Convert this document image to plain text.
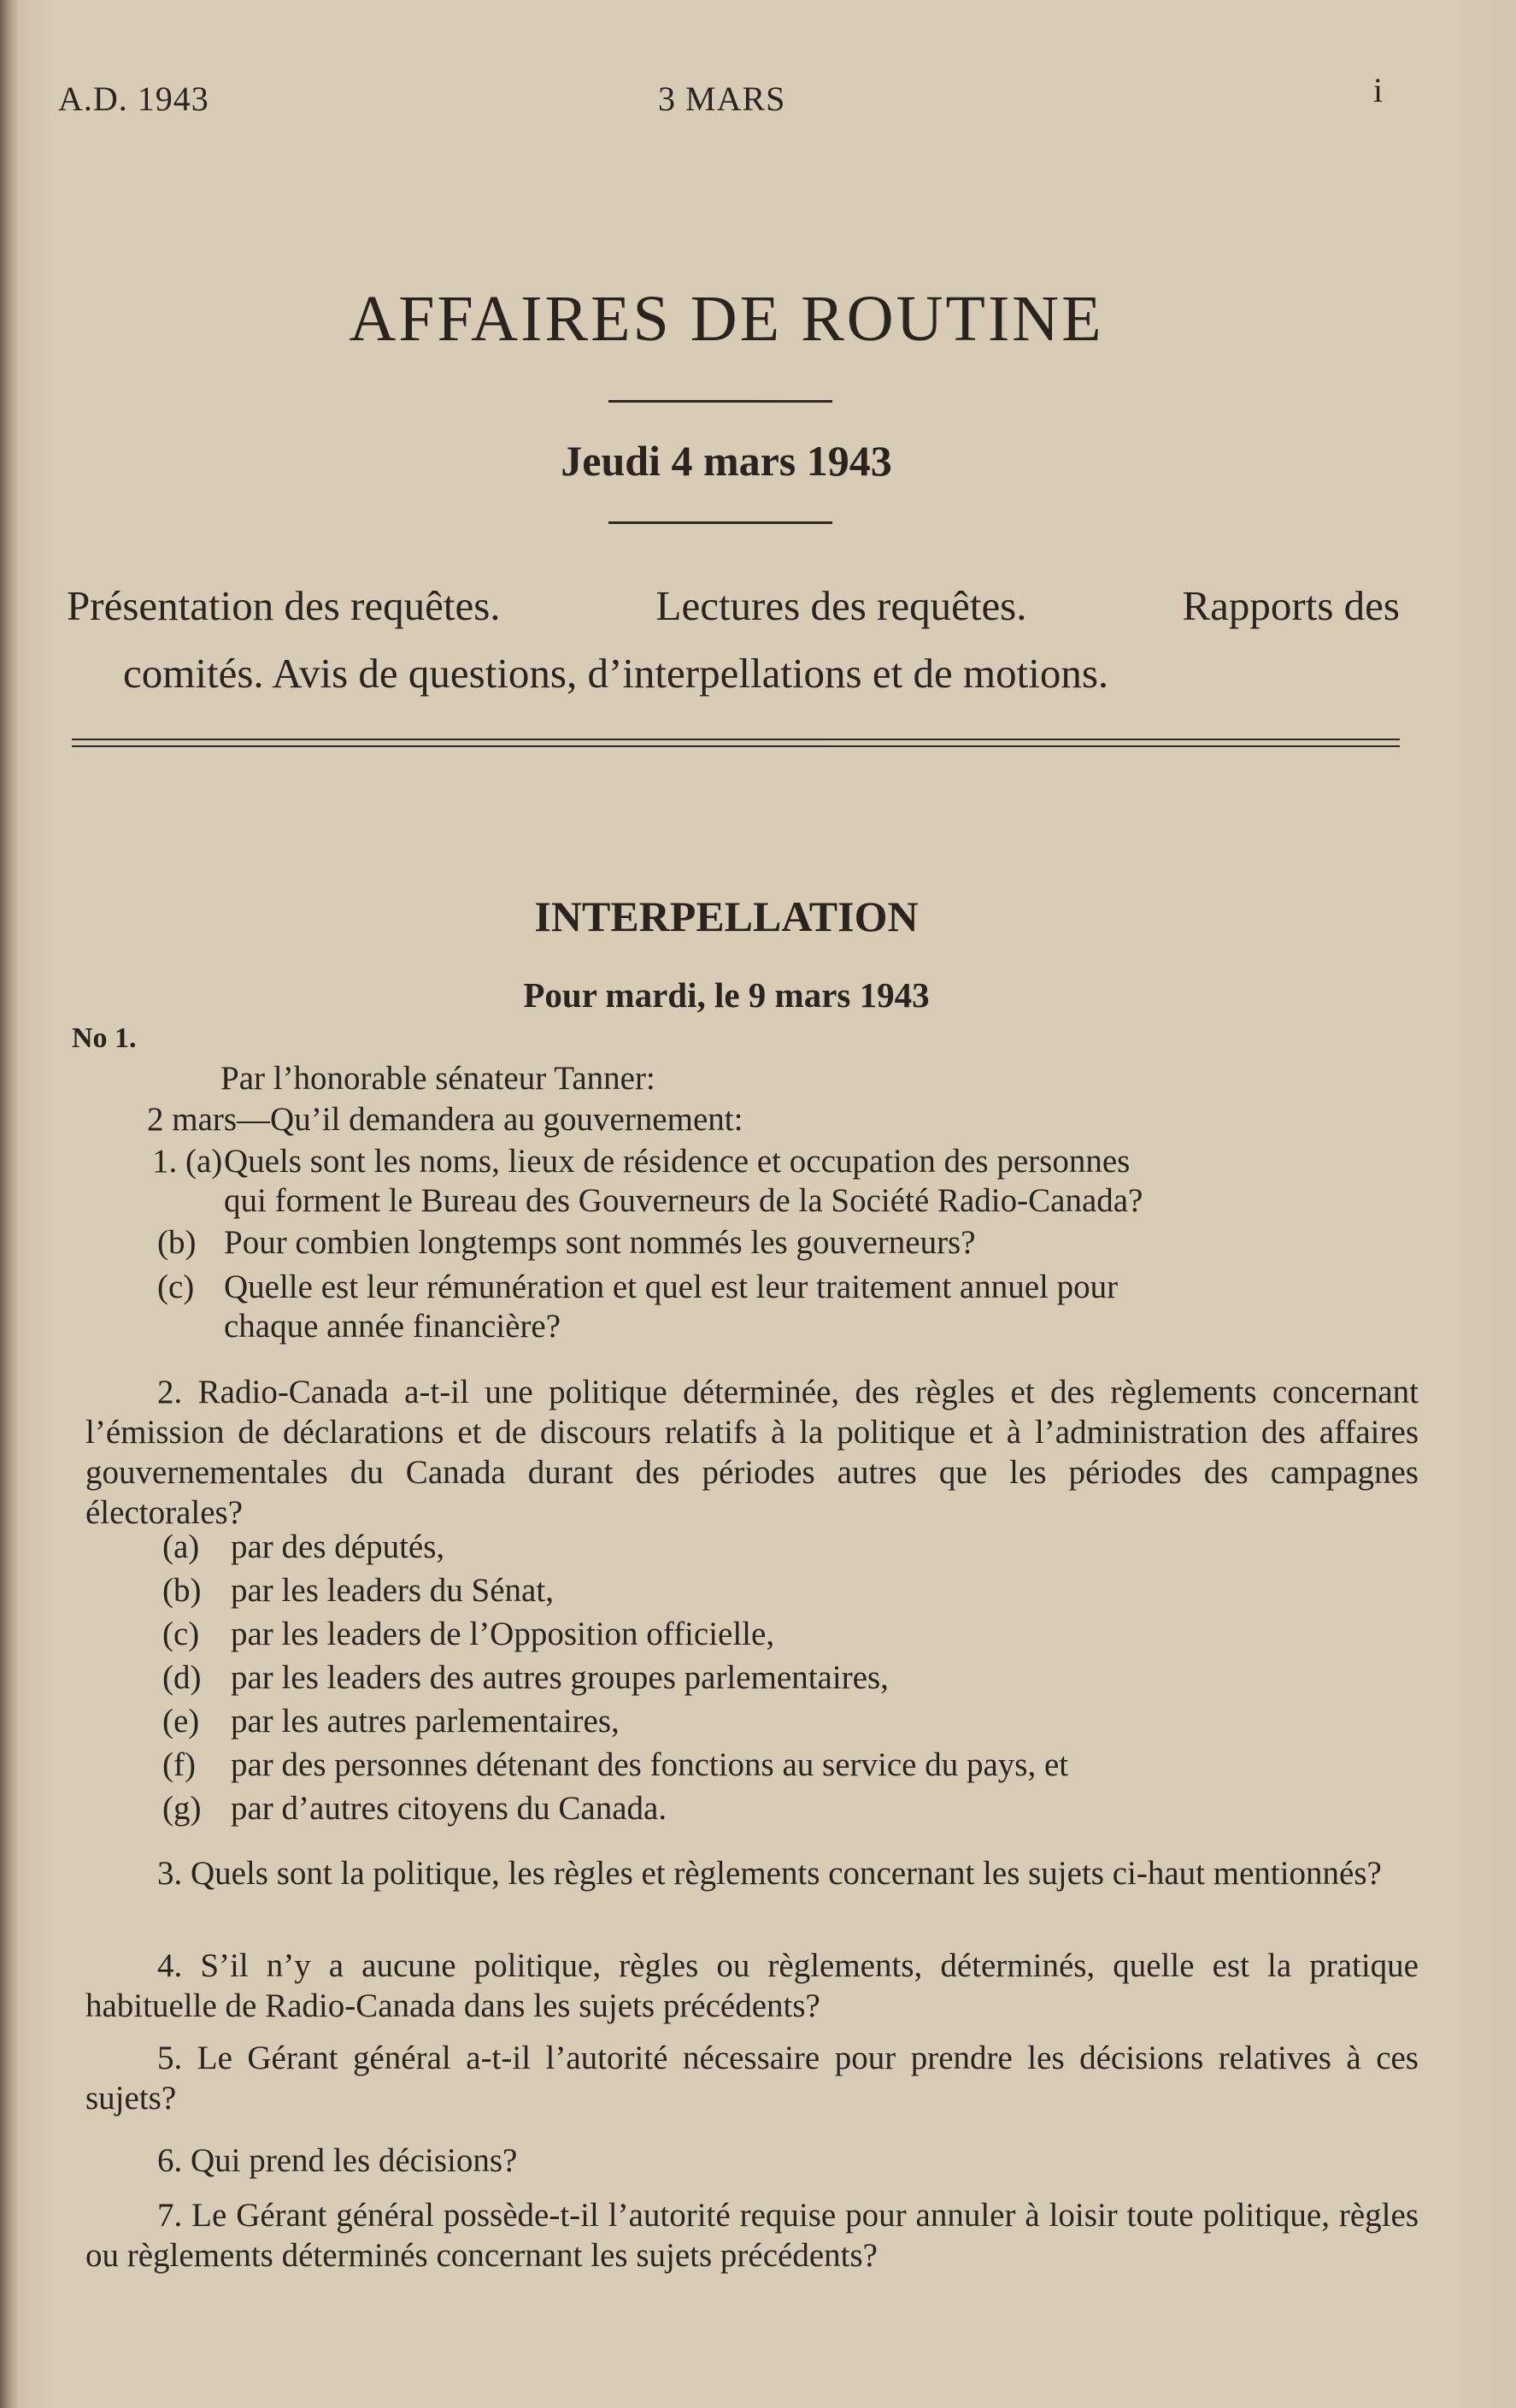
A.D. 1943	3 MARS	i
AFFAIRES DE ROUTINE
Jeudi 4 mars 1943
Présentation des requêtes.	Lectures des requêtes.	Rapports des
comités. Avis de questions, d’interpellations et de motions.
INTERPELLATION
Pour mardi, le 9 mars 1943
No 1.
Par l’honorable sénateur Tanner:
2 mars—Qu’il demandera au gouvernement:
1. (a)Quels sont les noms, lieux de résidence et occupation des personnes
qui forment le Bureau des Gouverneurs de la Société Radio-Canada?
(b) Pour combien longtemps sont nommés les gouverneurs?
(c) Quelle est leur rémunération et quel est leur traitement annuel pour
chaque année financière?
2. Radio-Canada a-t-il une politique déterminée, des règles et des règlements concernant l’émission de déclarations et de discours relatifs à la politique et à l’administration des affaires gouvernementales du Canada durant des périodes autres que les périodes des campagnes électorales?
(a) par des députés,
(b) par les leaders du Sénat,
(c) par les leaders de l’Opposition officielle,
(d) par les leaders des autres groupes parlementaires,
(e) par les autres parlementaires,
(f) par des personnes détenant des fonctions au service du pays, et
(g) par d’autres citoyens du Canada.
3. Quels sont la politique, les règles et règlements concernant les sujets ci-haut mentionnés?
4. S’il n’y a aucune politique, règles ou règlements, déterminés, quelle est la pratique habituelle de Radio-Canada dans les sujets précédents?
5. Le Gérant général a-t-il l’autorité nécessaire pour prendre les décisions relatives à ces sujets?
6. Qui prend les décisions?
7. Le Gérant général possède-t-il l’autorité requise pour annuler à loisir toute politique, règles ou règlements déterminés concernant les sujets précédents?
